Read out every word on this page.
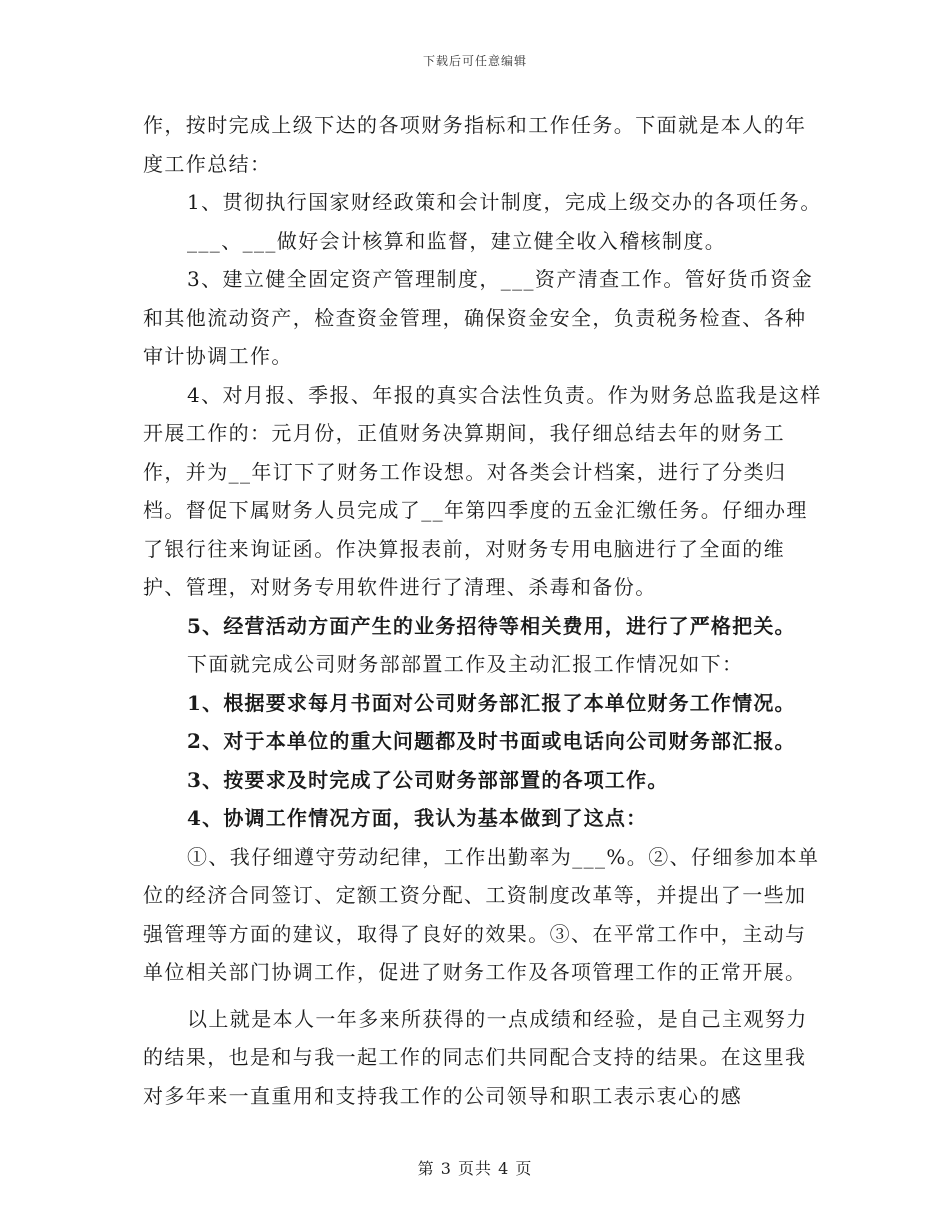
下载后可任意编辑

作，按时完成上级下达的各项财务指标和工作任务。下面就是本人的年度工作总结：

1、贯彻执行国家财经政策和会计制度，完成上级交办的各项任务。

___、___做好会计核算和监督，建立健全收入稽核制度。

3、建立健全固定资产管理制度，___资产清查工作。管好货币资金和其他流动资产，检查资金管理，确保资金安全，负责税务检查、各种审计协调工作。

4、对月报、季报、年报的真实合法性负责。作为财务总监我是这样开展工作的：元月份，正值财务决算期间，我仔细总结去年的财务工作，并为__年订下了财务工作设想。对各类会计档案，进行了分类归档。督促下属财务人员完成了__年第四季度的五金汇缴任务。仔细办理了银行往来询证函。作决算报表前，对财务专用电脑进行了全面的维护、管理，对财务专用软件进行了清理、杀毒和备份。

5、经营活动方面产生的业务招待等相关费用，进行了严格把关。

下面就完成公司财务部部置工作及主动汇报工作情况如下：

1、根据要求每月书面对公司财务部汇报了本单位财务工作情况。

2、对于本单位的重大问题都及时书面或电话向公司财务部汇报。

3、按要求及时完成了公司财务部部置的各项工作。

4、协调工作情况方面，我认为基本做到了这点：

①、我仔细遵守劳动纪律，工作出勤率为___%。②、仔细参加本单位的经济合同签订、定额工资分配、工资制度改革等，并提出了一些加强管理等方面的建议，取得了良好的效果。③、在平常工作中，主动与单位相关部门协调工作，促进了财务工作及各项管理工作的正常开展。

以上就是本人一年多来所获得的一点成绩和经验，是自己主观努力的结果，也是和与我一起工作的同志们共同配合支持的结果。在这里我对多年来一直重用和支持我工作的公司领导和职工表示衷心的感

第 3 页共 4 页
